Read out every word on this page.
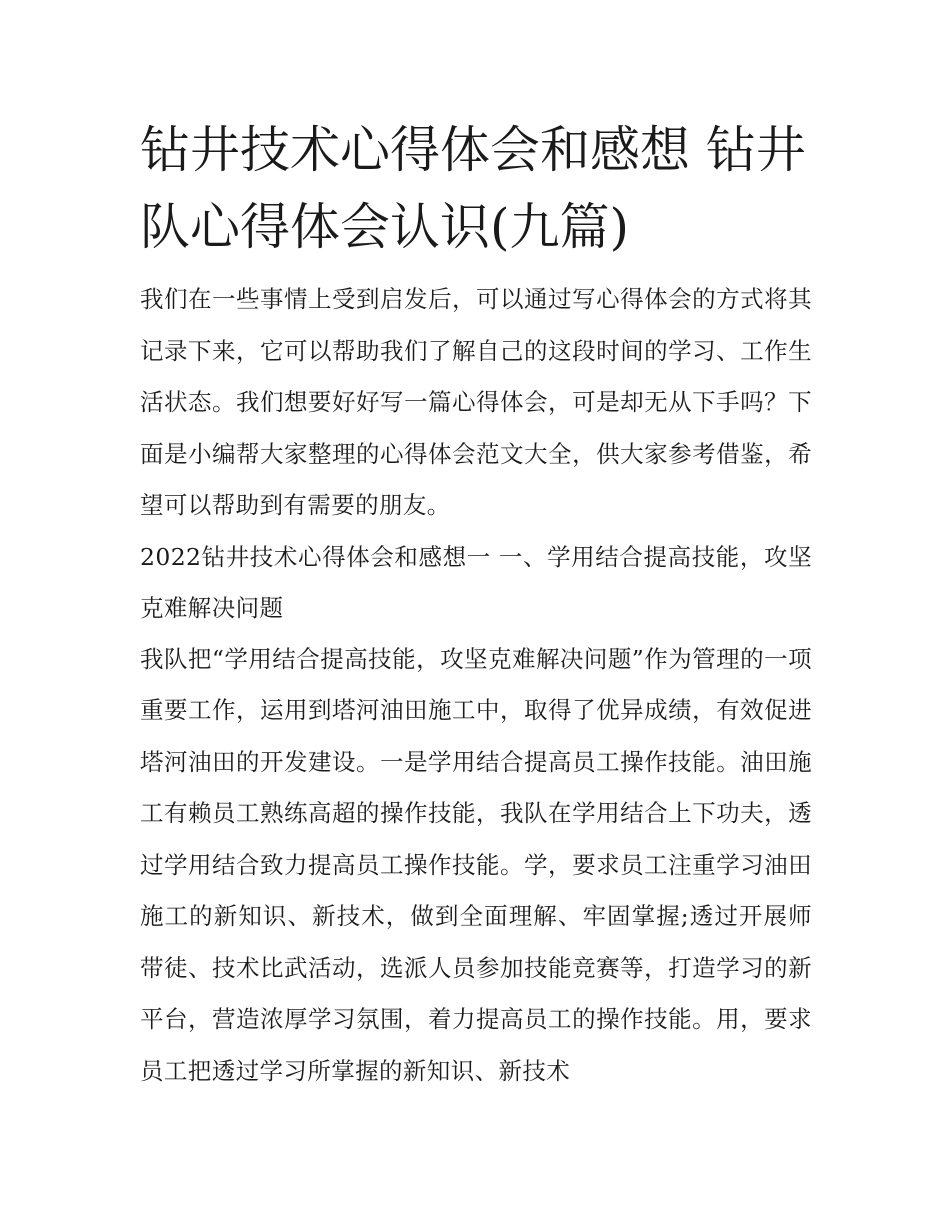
钻井技术心得体会和感想 钻井队心得体会认识(九篇)

我们在一些事情上受到启发后，可以通过写心得体会的方式将其记录下来，它可以帮助我们了解自己的这段时间的学习、工作生活状态。我们想要好好写一篇心得体会，可是却无从下手吗？下面是小编帮大家整理的心得体会范文大全，供大家参考借鉴，希望可以帮助到有需要的朋友。

2022钻井技术心得体会和感想一 一、学用结合提高技能，攻坚克难解决问题

我队把“学用结合提高技能，攻坚克难解决问题”作为管理的一项重要工作，运用到塔河油田施工中，取得了优异成绩，有效促进塔河油田的开发建设。一是学用结合提高员工操作技能。油田施工有赖员工熟练高超的操作技能，我队在学用结合上下功夫，透过学用结合致力提高员工操作技能。学，要求员工注重学习油田施工的新知识、新技术，做到全面理解、牢固掌握;透过开展师带徒、技术比武活动，选派人员参加技能竞赛等，打造学习的新平台，营造浓厚学习氛围，着力提高员工的操作技能。用，要求员工把透过学习所掌握的新知识、新技术
